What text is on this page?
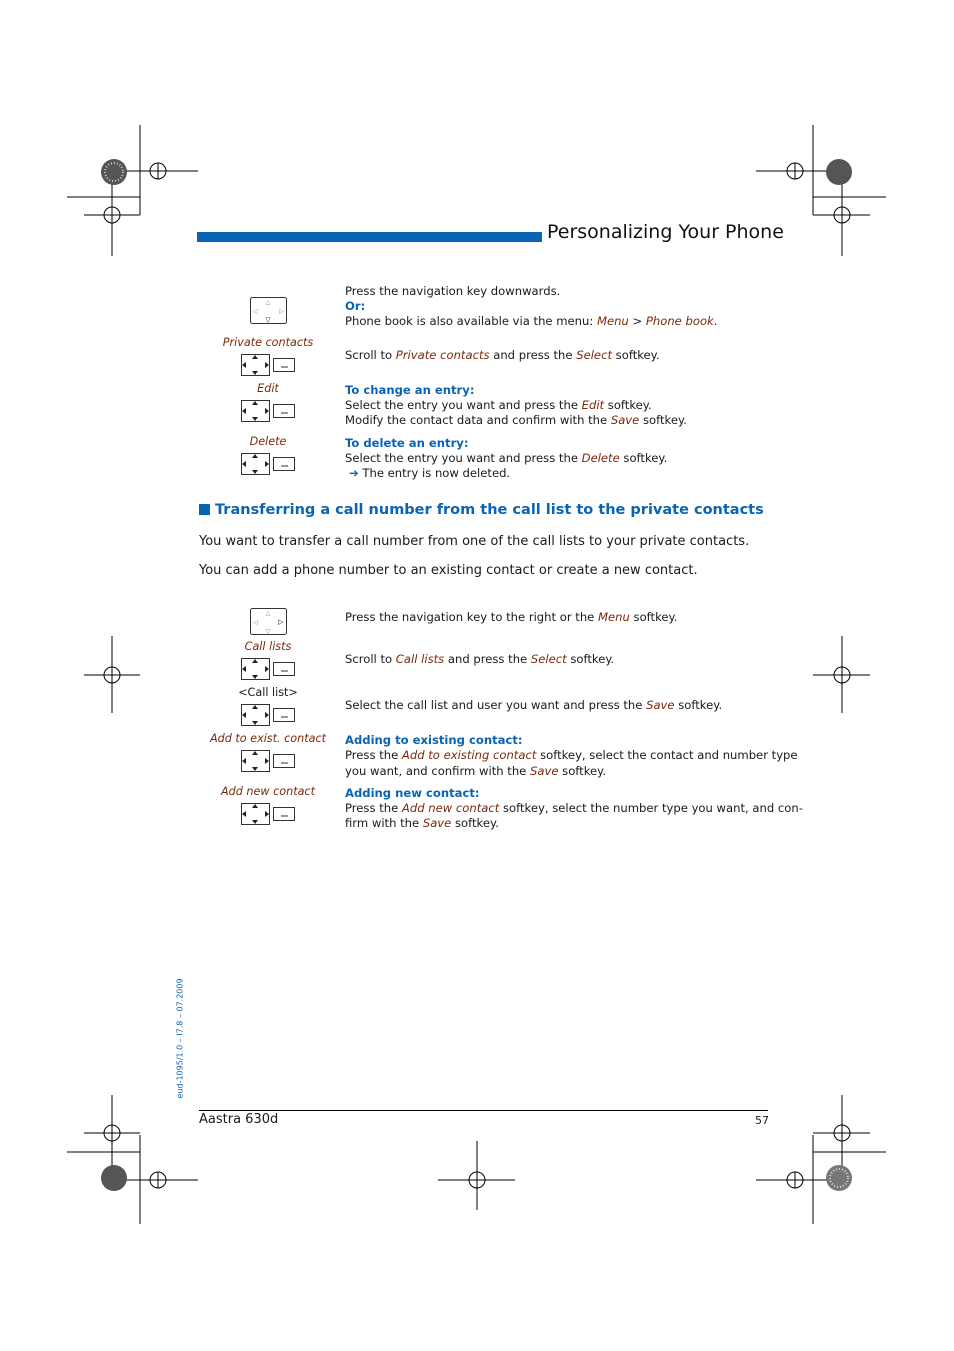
Personalizing Your Phone
△
▽
◁	▷
Press the navigation key downwards.
Or:
Phone book is also available via the menu: Menu > Phone book.
Private contacts
Scroll to Private contacts and press the Select softkey.
Edit	To change an entry:
Select the entry you want and press the Edit softkey.
Modify the contact data and confirm with the Save softkey.
Delete	To delete an entry:
Select the entry you want and press the Delete softkey.
➔ The entry is now deleted.
Transferring a call number from the call list to the private contacts
You want to transfer a call number from one of the call lists to your private contacts.
You can add a phone number to an existing contact or create a new contact.
△
▽
◁	▷	Press the navigation key to the right or the Menu softkey.
Call lists
Scroll to Call lists and press the Select softkey.
<Call list>
Select the call list and user you want and press the Save softkey.
Add to exist. contact	Adding to existing contact:
Press the Add to existing contact softkey, select the contact and number type
you want, and confirm with the Save softkey.
Add new contact	Adding new contact:
Press the Add new contact softkey, select the number type you want, and con-
firm with the Save softkey.
eud-1095/1.0 – I7.8 – 07.2009
Aastra 630d	57
